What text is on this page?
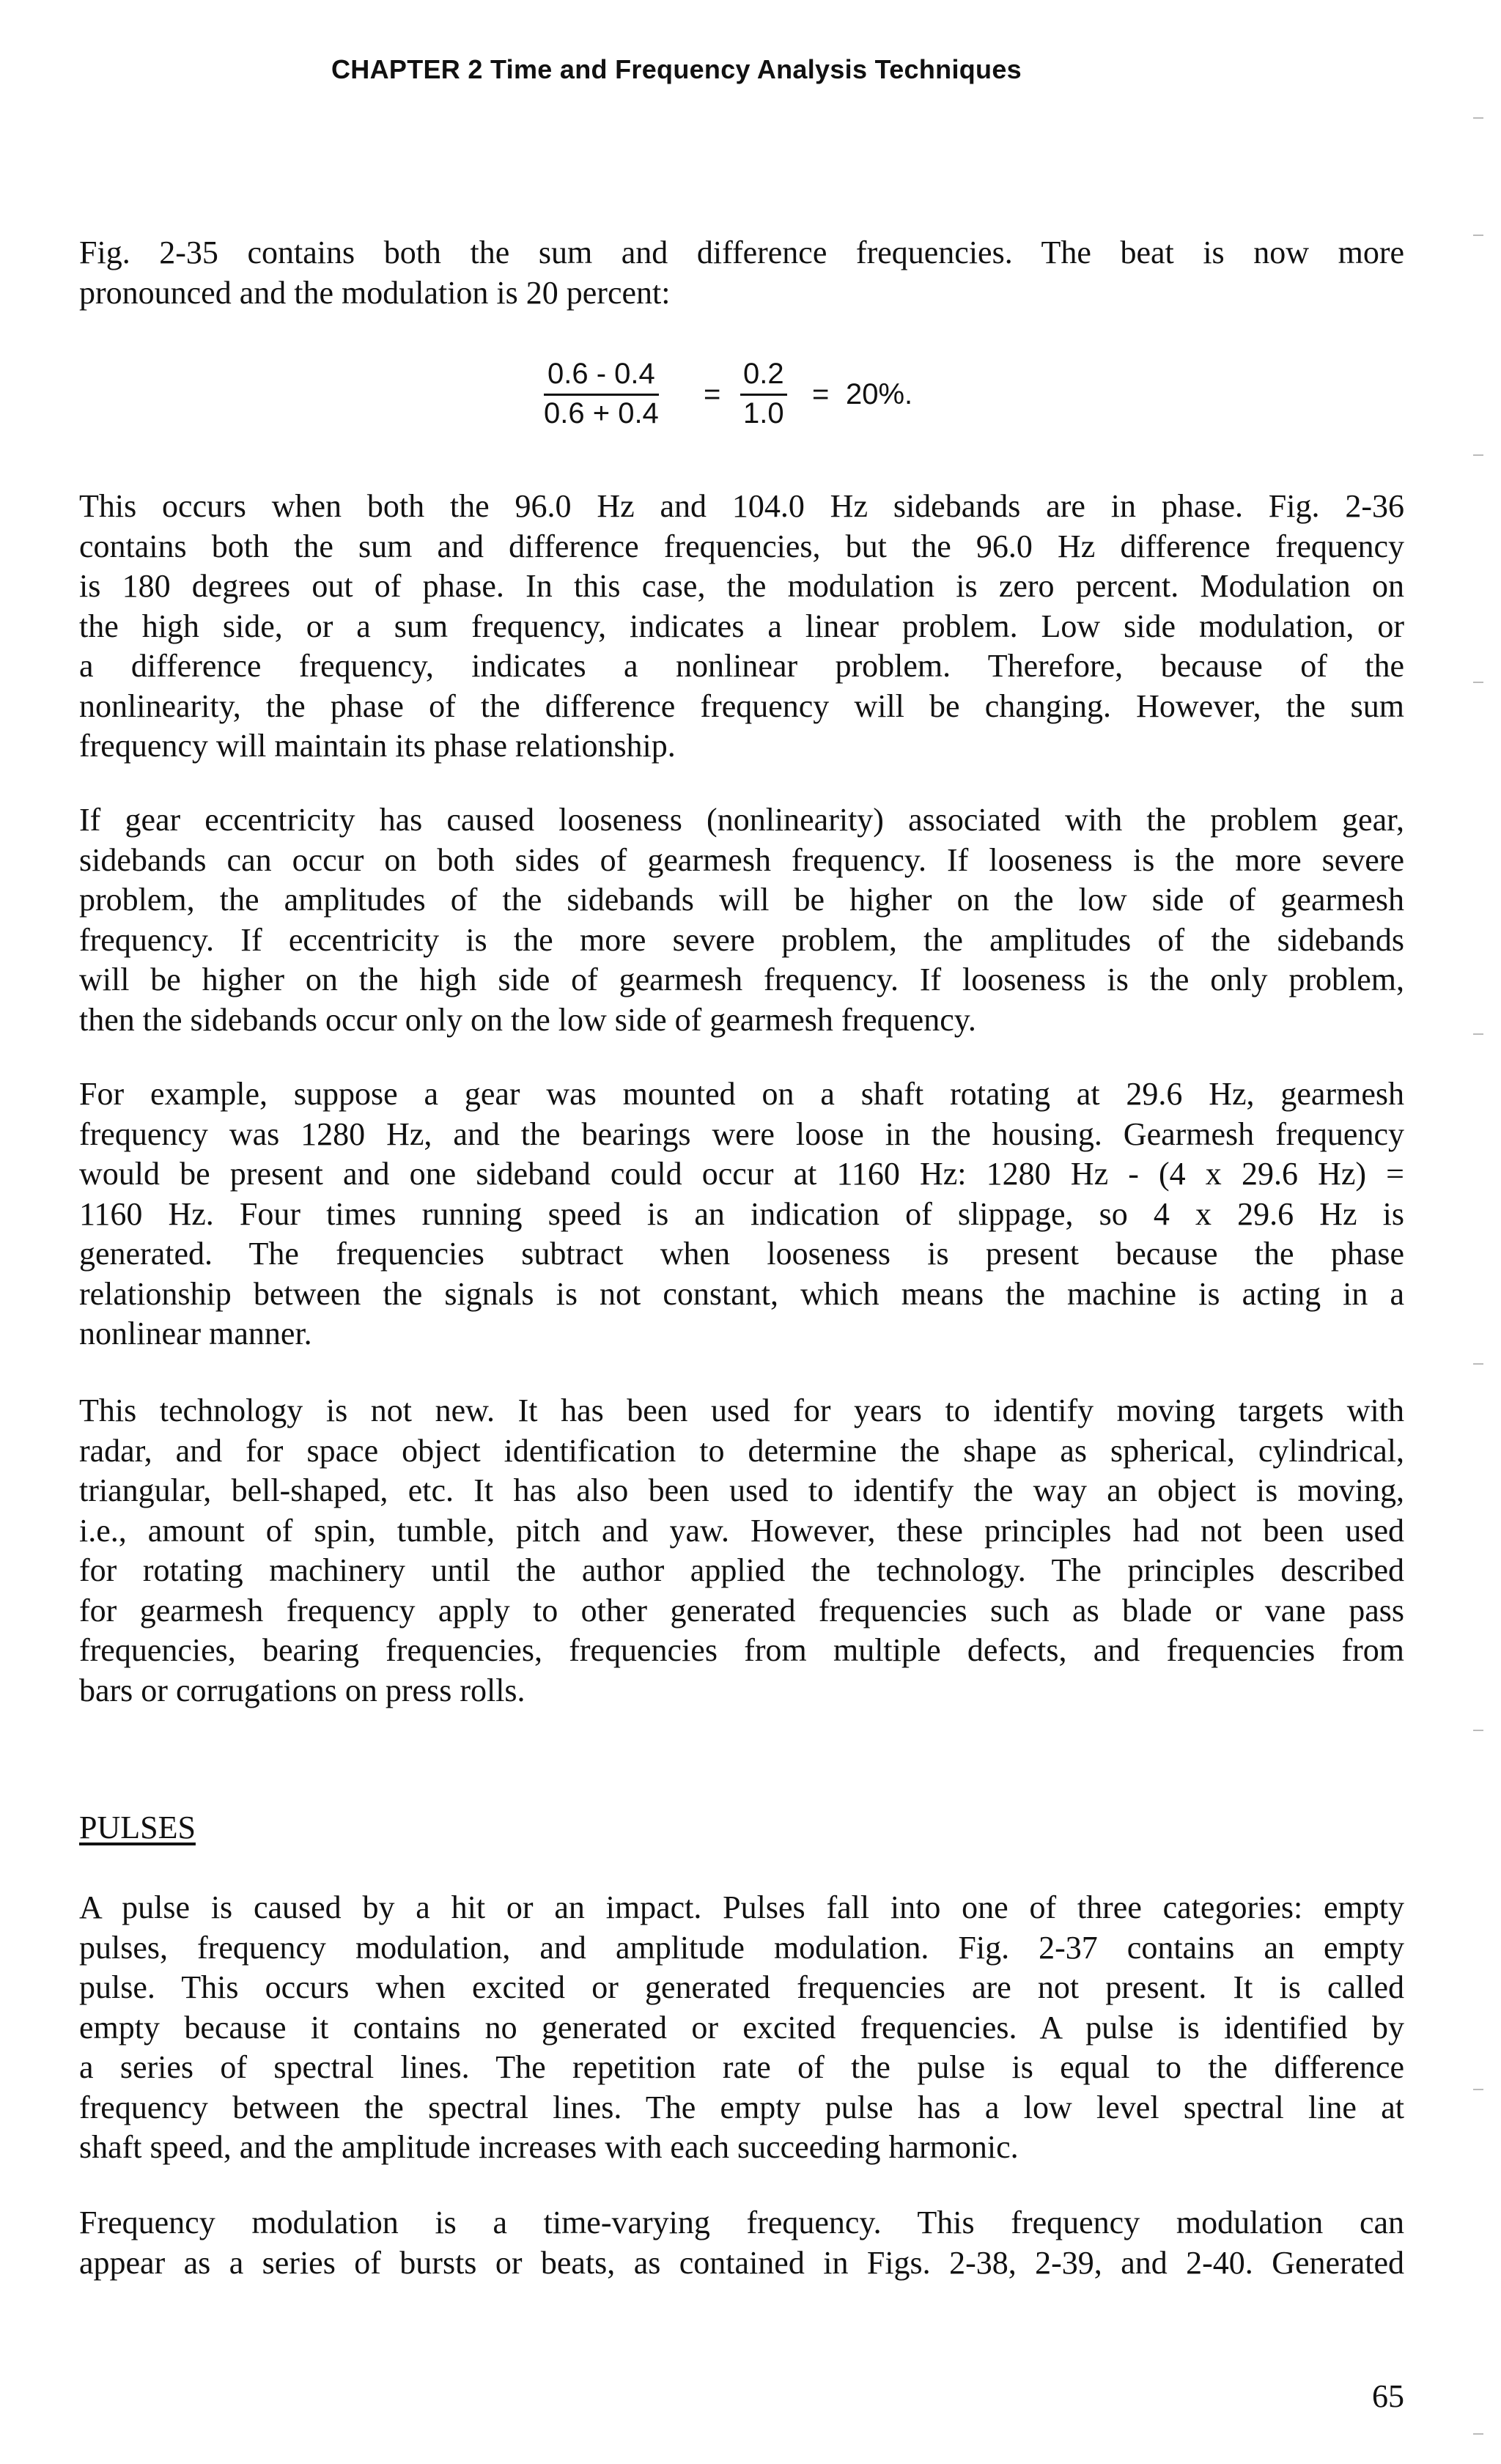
CHAPTER 2 Time and Frequency Analysis Techniques
Fig. 2-35 contains both the sum and difference frequencies. The beat is now more
pronounced and the modulation is 20 percent:
0.6 - 0.4
0.6 + 0.4
=
0.2
1.0
= 20%.
This occurs when both the 96.0 Hz and 104.0 Hz sidebands are in phase. Fig. 2-36
contains both the sum and difference frequencies, but the 96.0 Hz difference frequency
is 180 degrees out of phase. In this case, the modulation is zero percent. Modulation on
the high side, or a sum frequency, indicates a linear problem. Low side modulation, or
a difference frequency, indicates a nonlinear problem. Therefore, because of the
nonlinearity, the phase of the difference frequency will be changing. However, the sum
frequency will maintain its phase relationship.
If gear eccentricity has caused looseness (nonlinearity) associated with the problem gear,
sidebands can occur on both sides of gearmesh frequency. If looseness is the more severe
problem, the amplitudes of the sidebands will be higher on the low side of gearmesh
frequency. If eccentricity is the more severe problem, the amplitudes of the sidebands
will be higher on the high side of gearmesh frequency. If looseness is the only problem,
then the sidebands occur only on the low side of gearmesh frequency.
For example, suppose a gear was mounted on a shaft rotating at 29.6 Hz, gearmesh
frequency was 1280 Hz, and the bearings were loose in the housing. Gearmesh frequency
would be present and one sideband could occur at 1160 Hz: 1280 Hz - (4 x 29.6 Hz) =
1160 Hz. Four times running speed is an indication of slippage, so 4 x 29.6 Hz is
generated. The frequencies subtract when looseness is present because the phase
relationship between the signals is not constant, which means the machine is acting in a
nonlinear manner.
This technology is not new. It has been used for years to identify moving targets with
radar, and for space object identification to determine the shape as spherical, cylindrical,
triangular, bell-shaped, etc. It has also been used to identify the way an object is moving,
i.e., amount of spin, tumble, pitch and yaw. However, these principles had not been used
for rotating machinery until the author applied the technology. The principles described
for gearmesh frequency apply to other generated frequencies such as blade or vane pass
frequencies, bearing frequencies, frequencies from multiple defects, and frequencies from
bars or corrugations on press rolls.
PULSES
A pulse is caused by a hit or an impact. Pulses fall into one of three categories: empty
pulses, frequency modulation, and amplitude modulation. Fig. 2-37 contains an empty
pulse. This occurs when excited or generated frequencies are not present. It is called
empty because it contains no generated or excited frequencies. A pulse is identified by
a series of spectral lines. The repetition rate of the pulse is equal to the difference
frequency between the spectral lines. The empty pulse has a low level spectral line at
shaft speed, and the amplitude increases with each succeeding harmonic.
Frequency modulation is a time-varying frequency. This frequency modulation can
appear as a series of bursts or beats, as contained in Figs. 2-38, 2-39, and 2-40. Generated
65
